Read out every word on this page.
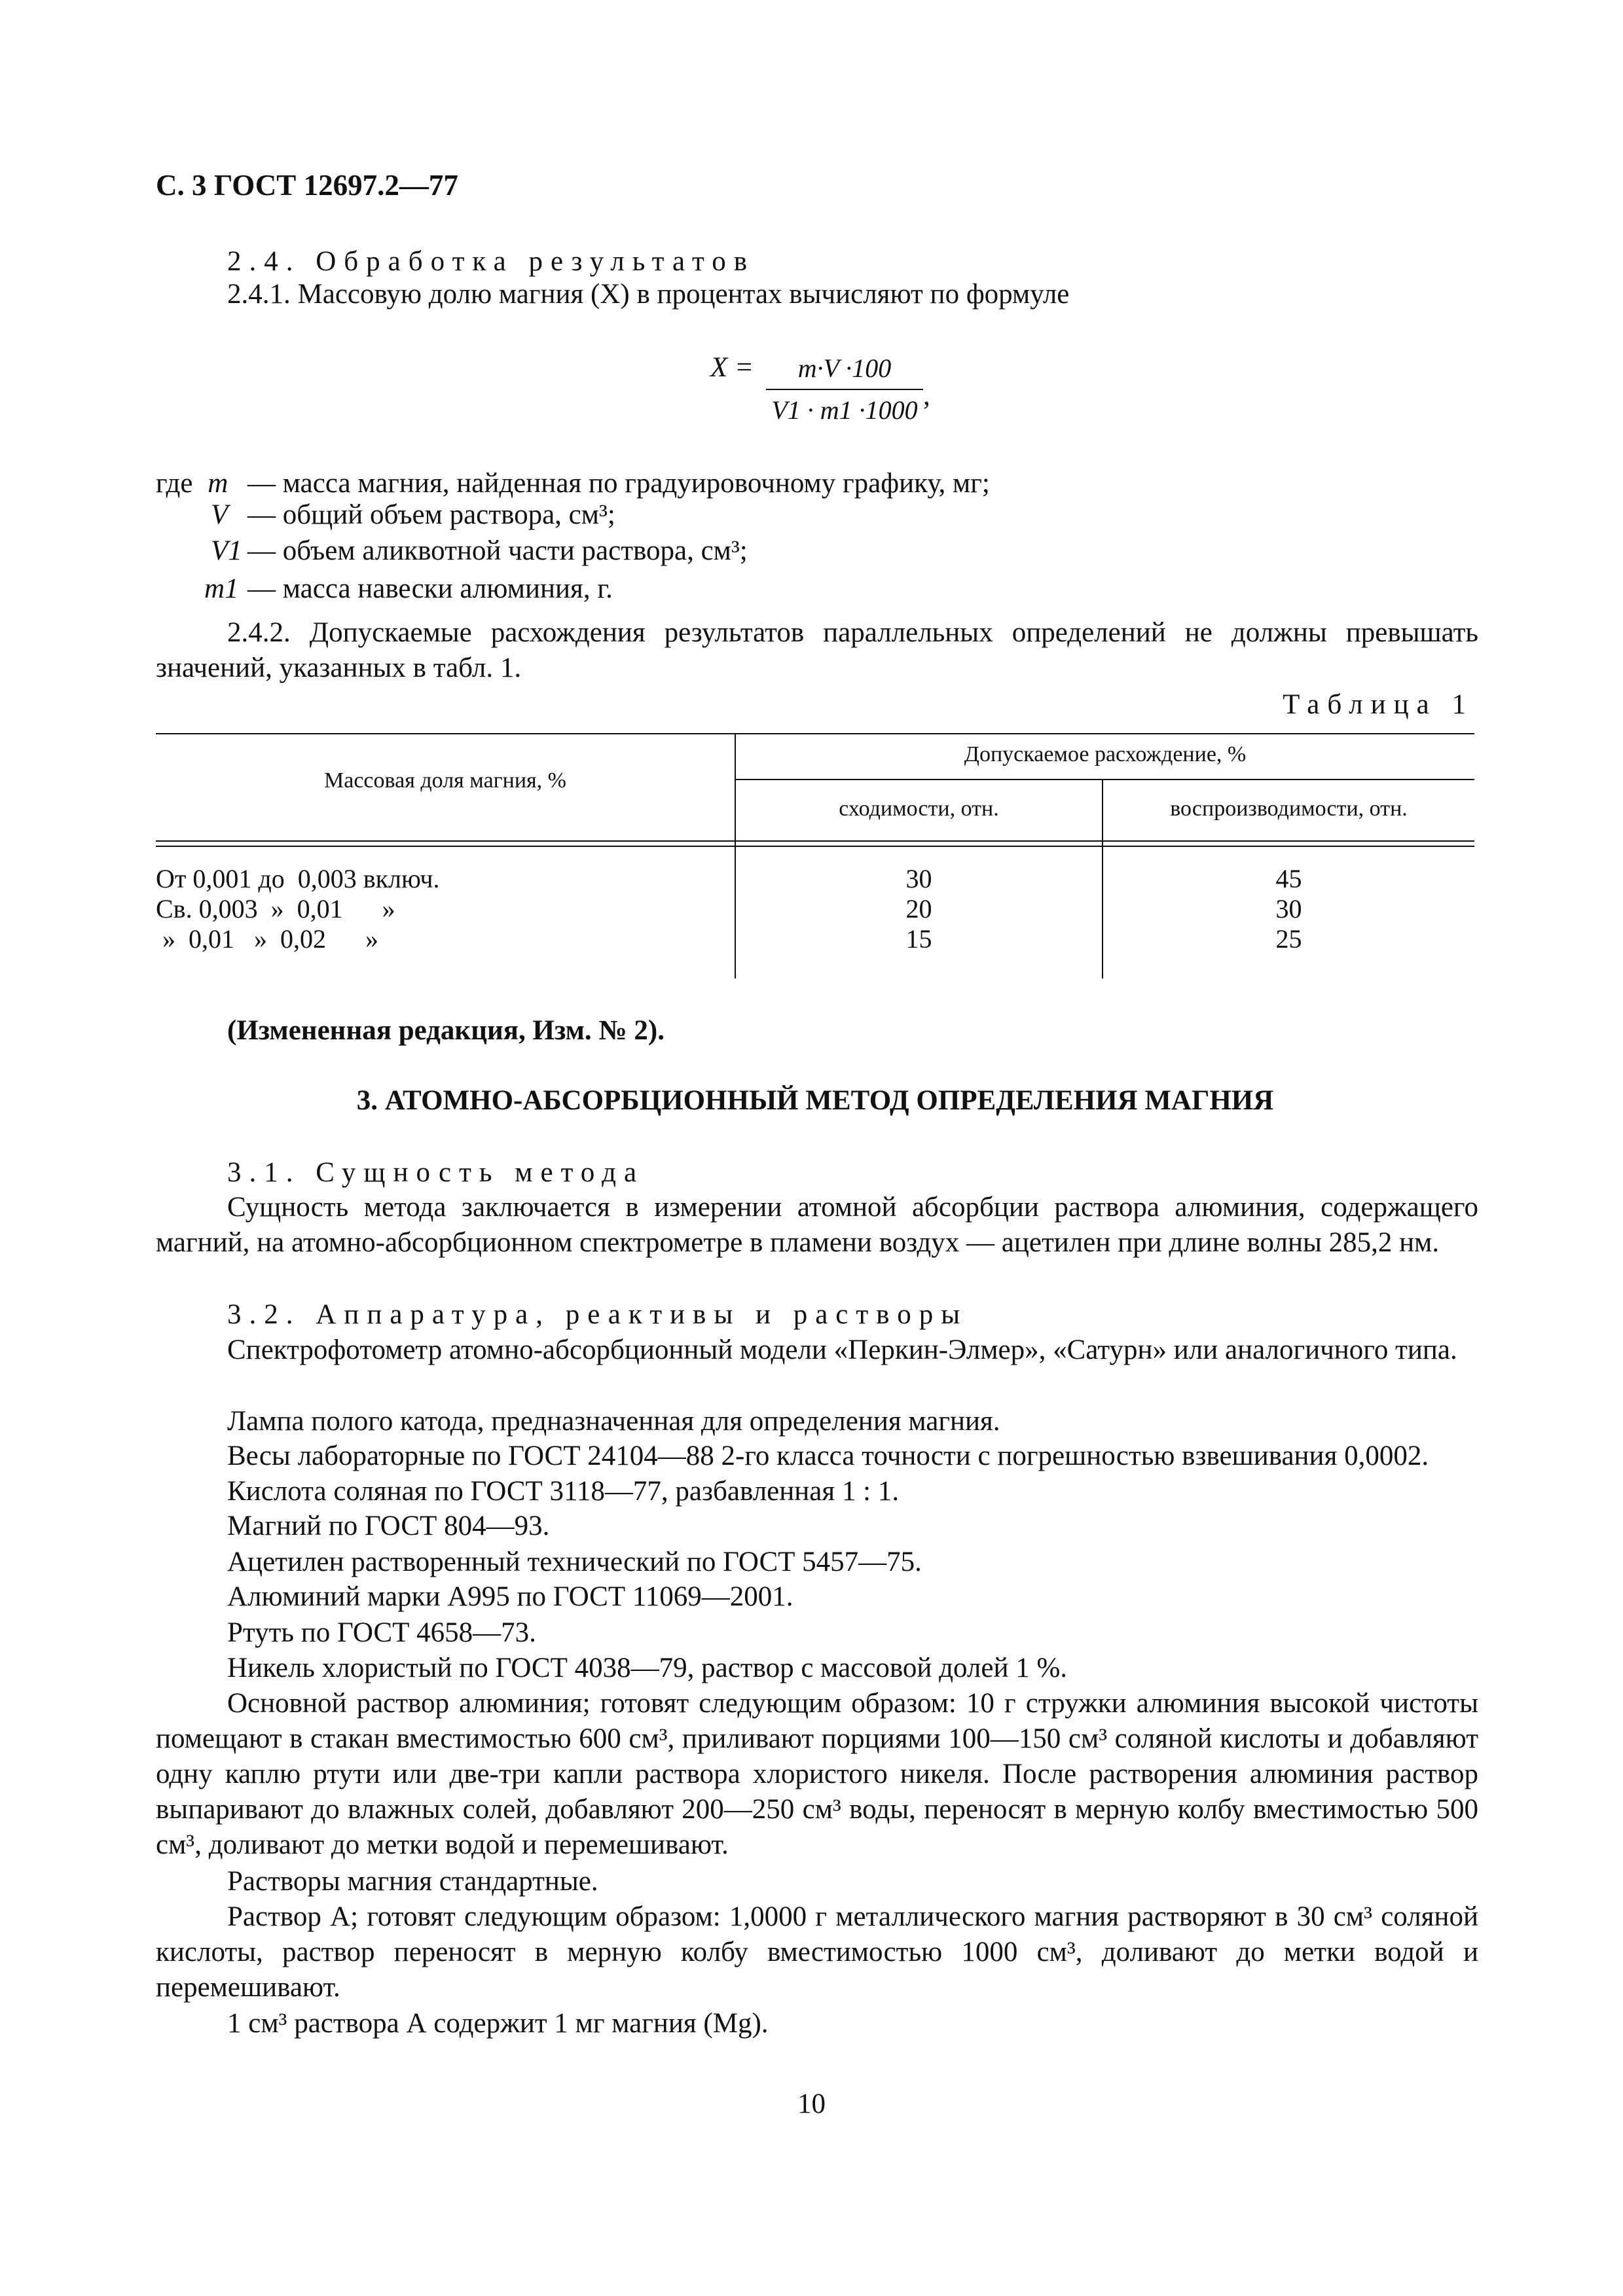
С. 3 ГОСТ 12697.2—77
2.4. Обработка результатов
2.4.1. Массовую долю магния (X) в процентах вычисляют по формуле
X =	m·V ·100
V1 · m1 ·1000 ,
где m — масса магния, найденная по градуировочному графику, мг;
V — общий объем раствора, см³;
V1 — объем аликвотной части раствора, см³;
m1 — масса навески алюминия, г.
2.4.2. Допускаемые расхождения результатов параллельных определений не должны превышать значений, указанных в табл. 1.
Таблица 1
Массовая доля магния, %
Допускаемое расхождение, %
сходимости, отн.	воспроизводимости, отн.
От 0,001 до  0,003 включ.	30	45
Св. 0,003  »  0,01      »	20	30
»  0,01   »  0,02      »	15	25
(Измененная редакция, Изм. № 2).
3. АТОМНО-АБСОРБЦИОННЫЙ МЕТОД ОПРЕДЕЛЕНИЯ МАГНИЯ
3.1. Сущность метода
Сущность метода заключается в измерении атомной абсорбции раствора алюминия, содержащего магний, на атомно-абсорбционном спектрометре в пламени воздух — ацетилен при длине волны 285,2 нм.
3.2. Аппаратура, реактивы и растворы
Спектрофотометр атомно-абсорбционный модели «Перкин-Элмер», «Сатурн» или аналогичного типа.
Лампа полого катода, предназначенная для определения магния.
Весы лабораторные по ГОСТ 24104—88 2-го класса точности с погрешностью взвешивания 0,0002.
Кислота соляная по ГОСТ 3118—77, разбавленная 1 : 1.
Магний по ГОСТ 804—93.
Ацетилен растворенный технический по ГОСТ 5457—75.
Алюминий марки А995 по ГОСТ 11069—2001.
Ртуть по ГОСТ 4658—73.
Никель хлористый по ГОСТ 4038—79, раствор с массовой долей 1 %.
Основной раствор алюминия; готовят следующим образом: 10 г стружки алюминия высокой чистоты помещают в стакан вместимостью 600 см³, приливают порциями 100—150 см³ соляной кислоты и добавляют одну каплю ртути или две-три капли раствора хлористого никеля. После растворения алюминия раствор выпаривают до влажных солей, добавляют 200—250 см³ воды, переносят в мерную колбу вместимостью 500 см³, доливают до метки водой и перемешивают.
Растворы магния стандартные.
Раствор А; готовят следующим образом: 1,0000 г металлического магния растворяют в 30 см³ соляной кислоты, раствор переносят в мерную колбу вместимостью 1000 см³, доливают до метки водой и перемешивают.
1 см³ раствора А содержит 1 мг магния (Mg).
10
